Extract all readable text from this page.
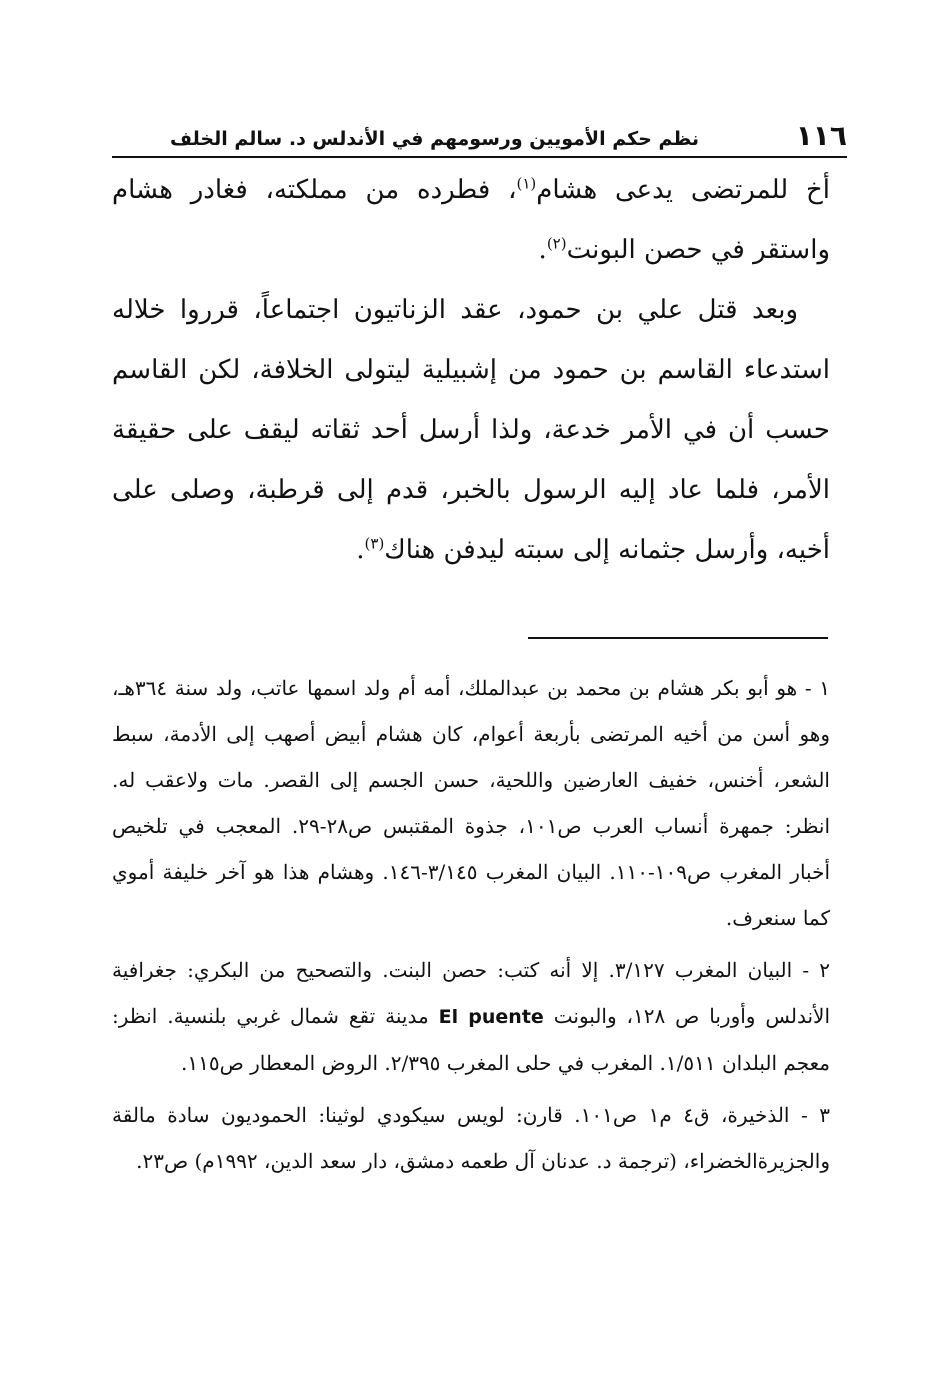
١١٦
نظم حكم الأمويين ورسومهم في الأندلس د. سالم الخلف

أخ للمرتضى يدعى هشام$^{(١)}$، فطرده من مملكته، فغادر هشام واستقر في حصن البونت$^{(٢)}$.

وبعد قتل علي بن حمود، عقد الزناتيون اجتماعاً، قرروا خلاله استدعاء القاسم بن حمود من إشبيلية ليتولى الخلافة، لكن القاسم حسب أن في الأمر خدعة، ولذا أرسل أحد ثقاته ليقف على حقيقة الأمر، فلما عاد إليه الرسول بالخبر، قدم إلى قرطبة، وصلى على أخيه، وأرسل جثمانه إلى سبته ليدفن هناك$^{(٣)}$.

١ - هو أبو بكر هشام بن محمد بن عبدالملك، أمه أم ولد اسمها عاتب، ولد سنة ٣٦٤هـ، وهو أسن من أخيه المرتضى بأربعة أعوام، كان هشام أبيض أصهب إلى الأدمة، سبط الشعر، أخنس، خفيف العارضين واللحية، حسن الجسم إلى القصر. مات ولاعقب له. انظر: جمهرة أنساب العرب ص١٠١، جذوة المقتبس ص٢٨-٢٩. المعجب في تلخيص أخبار المغرب ص١٠٩-١١٠. البيان المغرب ٣/١٤٥-١٤٦. وهشام هذا هو آخر خليفة أموي كما سنعرف.

٢ - البيان المغرب ٣/١٢٧. إلا أنه كتب: حصن البنت. والتصحيح من البكري: جغرافية الأندلس وأوربا ص ١٢٨، والبونت El puente مدينة تقع شمال غربي بلنسية. انظر: معجم البلدان ١/٥١١. المغرب في حلى المغرب ٢/٣٩٥. الروض المعطار ص١١٥.

٣ - الذخيرة، ق٤ م١ ص١٠١. قارن: لويس سيكودي لوثينا: الحموديون سادة مالقة والجزيرةالخضراء، (ترجمة د. عدنان آل طعمه دمشق، دار سعد الدين، ١٩٩٢م) ص٢٣.
